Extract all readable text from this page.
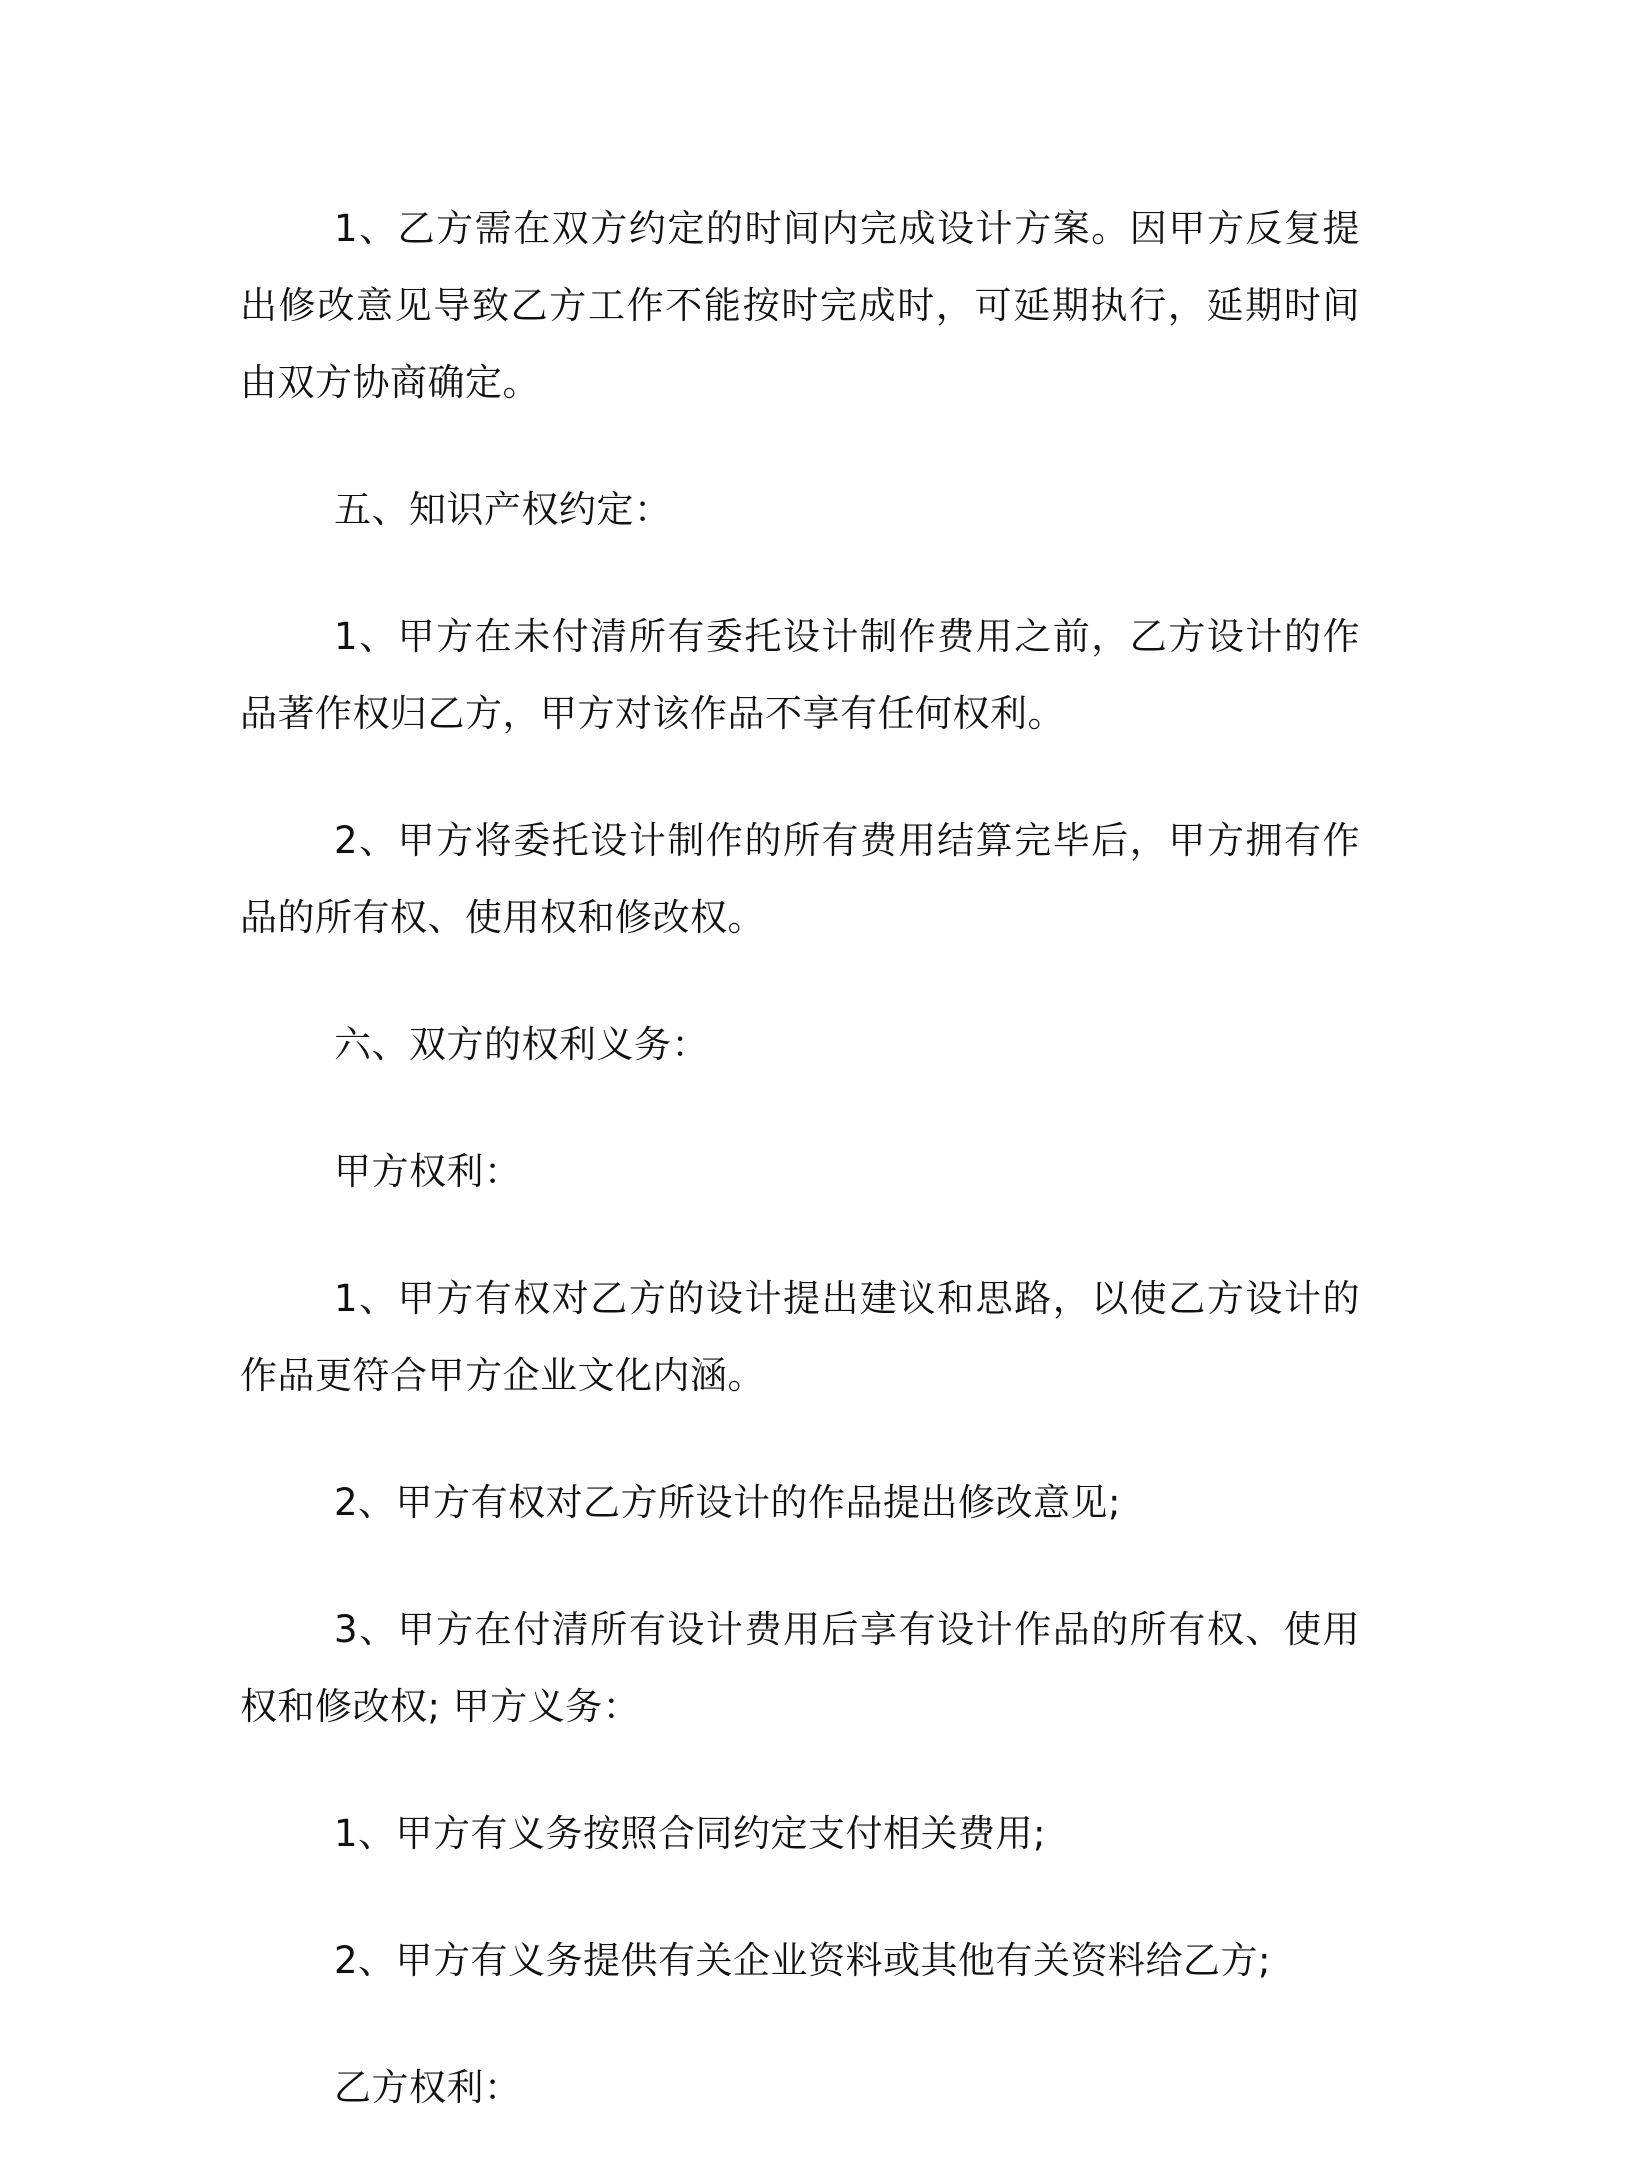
1、乙方需在双方约定的时间内完成设计方案。因甲方反复提出修改意见导致乙方工作不能按时完成时，可延期执行，延期时间由双方协商确定。

五、知识产权约定：

1、甲方在未付清所有委托设计制作费用之前，乙方设计的作品著作权归乙方，甲方对该作品不享有任何权利。

2、甲方将委托设计制作的所有费用结算完毕后，甲方拥有作品的所有权、使用权和修改权。

六、双方的权利义务：

甲方权利：

1、甲方有权对乙方的设计提出建议和思路，以使乙方设计的作品更符合甲方企业文化内涵。

2、甲方有权对乙方所设计的作品提出修改意见;

3、甲方在付清所有设计费用后享有设计作品的所有权、使用权和修改权; 甲方义务：

1、甲方有义务按照合同约定支付相关费用;

2、甲方有义务提供有关企业资料或其他有关资料给乙方;

乙方权利：
